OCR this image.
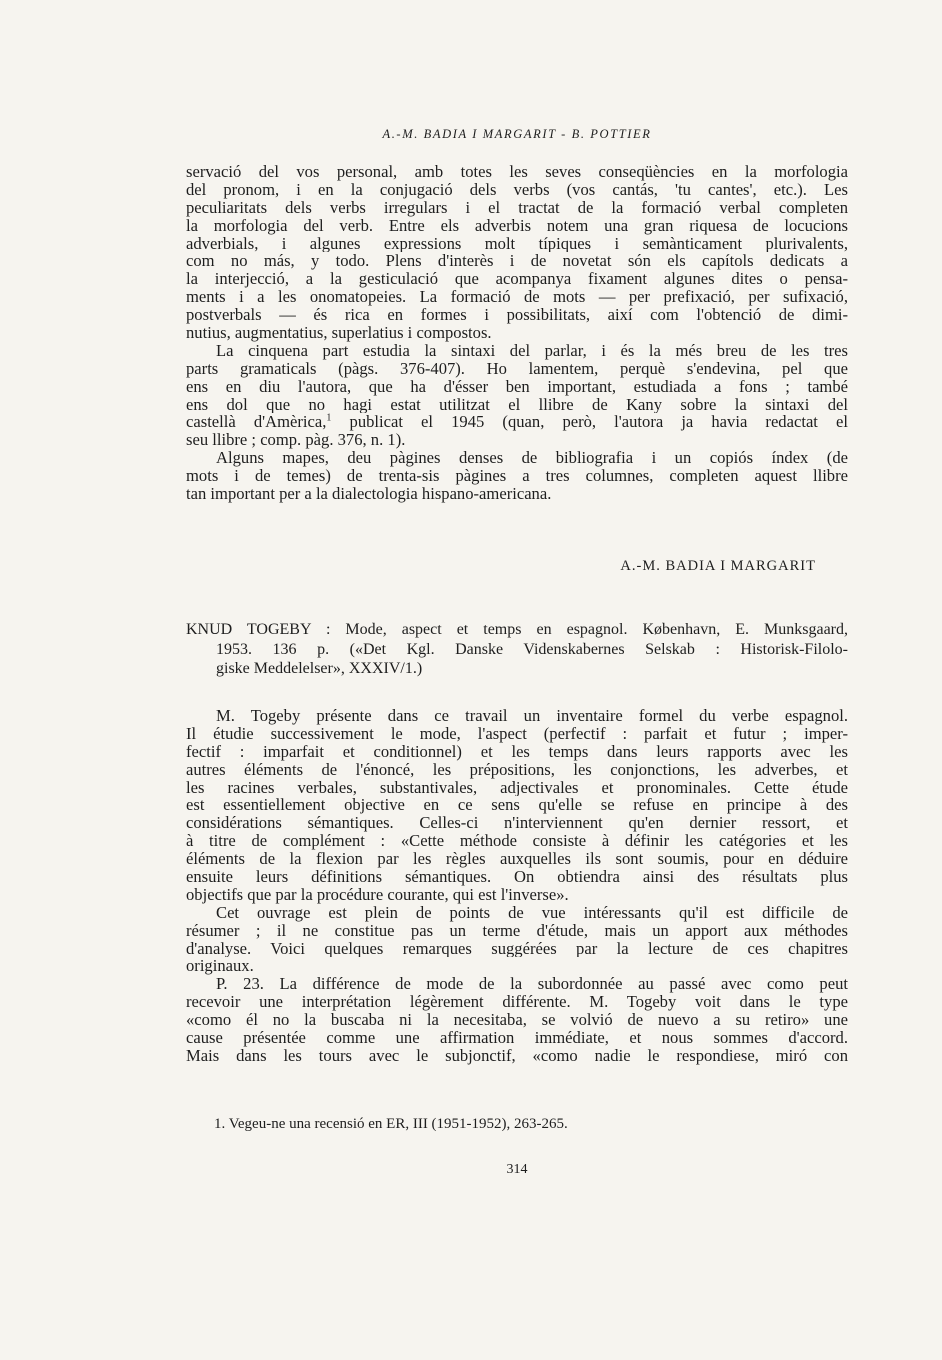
A.-M. BADIA I MARGARIT - B. POTTIER
servació del vos personal, amb totes les seves conseqüències en la morfologia
del pronom, i en la conjugació dels verbs (vos cantás, 'tu cantes', etc.). Les
peculiaritats dels verbs irregulars i el tractat de la formació verbal completen
la morfologia del verb. Entre els adverbis notem una gran riquesa de locucions
adverbials, i algunes expressions molt típiques i semànticament plurivalents,
com no más, y todo. Plens d'interès i de novetat són els capítols dedicats a
la interjecció, a la gesticulació que acompanya fixament algunes dites o pensa-
ments i a les onomatopeies. La formació de mots — per prefixació, per sufixació,
postverbals — és rica en formes i possibilitats, així com l'obtenció de dimi-
nutius, augmentatius, superlatius i compostos.
La cinquena part estudia la sintaxi del parlar, i és la més breu de les tres
parts gramaticals (pàgs. 376-407). Ho lamentem, perquè s'endevina, pel que
ens en diu l'autora, que ha d'ésser ben important, estudiada a fons ; també
ens dol que no hagi estat utilitzat el llibre de Kany sobre la sintaxi del
castellà d'Amèrica,$^1$ publicat el 1945 (quan, però, l'autora ja havia redactat el
seu llibre ; comp. pàg. 376, n. 1).
Alguns mapes, deu pàgines denses de bibliografia i un copiós índex (de
mots i de temes) de trenta-sis pàgines a tres columnes, completen aquest llibre
tan important per a la dialectologia hispano-americana.
A.-M. BADIA I MARGARIT
KNUD TOGEBY : Mode, aspect et temps en espagnol. København, E. Munksgaard,
1953. 136 p. («Det Kgl. Danske Videnskabernes Selskab : Historisk-Filolo-
giske Meddelelser», XXXIV/1.)
M. Togeby présente dans ce travail un inventaire formel du verbe espagnol.
Il étudie successivement le mode, l'aspect (perfectif : parfait et futur ; imper-
fectif : imparfait et conditionnel) et les temps dans leurs rapports avec les
autres éléments de l'énoncé, les prépositions, les conjonctions, les adverbes, et
les racines verbales, substantivales, adjectivales et pronominales. Cette étude
est essentiellement objective en ce sens qu'elle se refuse en principe à des
considérations sémantiques. Celles-ci n'interviennent qu'en dernier ressort, et
à titre de complément : «Cette méthode consiste à définir les catégories et les
éléments de la flexion par les règles auxquelles ils sont soumis, pour en déduire
ensuite leurs définitions sémantiques. On obtiendra ainsi des résultats plus
objectifs que par la procédure courante, qui est l'inverse».
Cet ouvrage est plein de points de vue intéressants qu'il est difficile de
résumer ; il ne constitue pas un terme d'étude, mais un apport aux méthodes
d'analyse. Voici quelques remarques suggérées par la lecture de ces chapitres
originaux.
P. 23. La différence de mode de la subordonnée au passé avec como peut
recevoir une interprétation légèrement différente. M. Togeby voit dans le type
«como él no la buscaba ni la necesitaba, se volvió de nuevo a su retiro» une
cause présentée comme une affirmation immédiate, et nous sommes d'accord.
Mais dans les tours avec le subjonctif, «como nadie le respondiese, miró con
1. Vegeu-ne una recensió en ER, III (1951-1952), 263-265.
314
